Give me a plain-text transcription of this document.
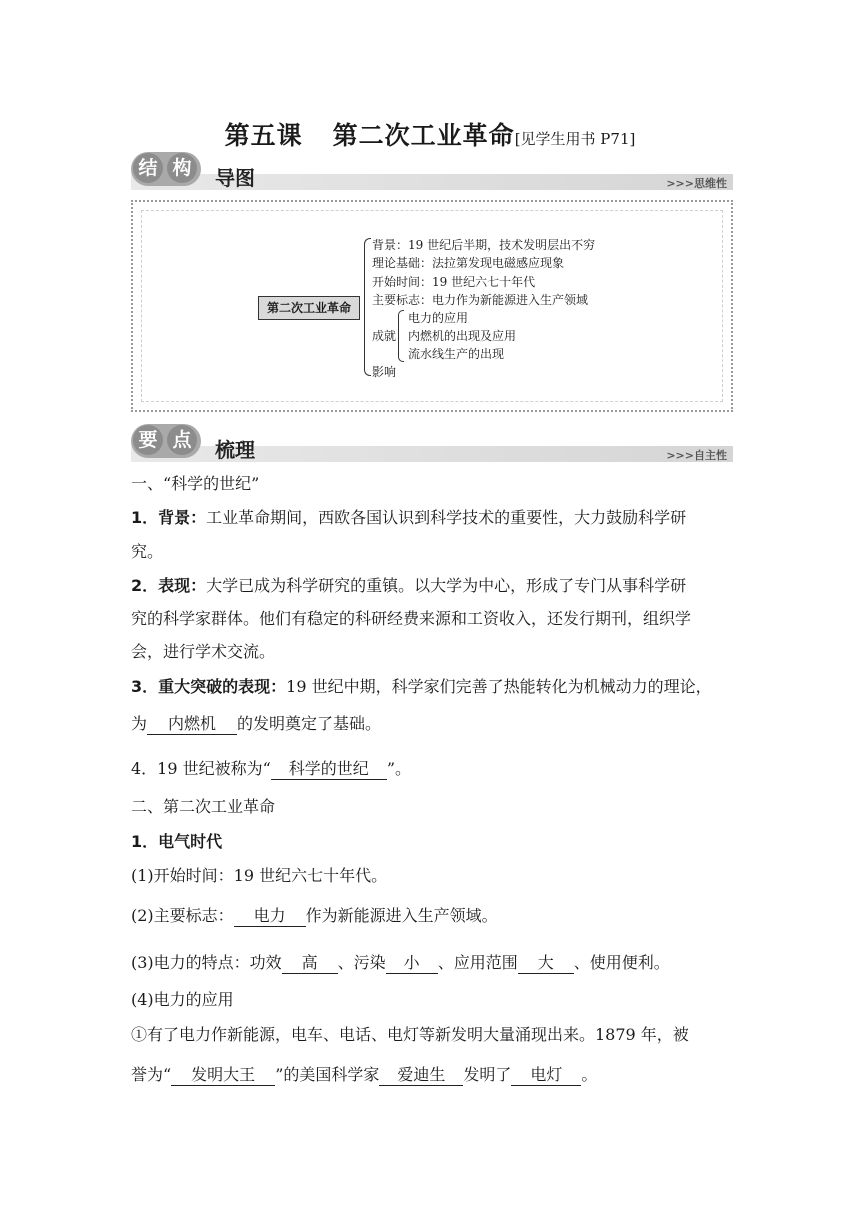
第五课 第二次工业革命[见学生用书 P71]
结 构 导图	>>>思维性
第二次工业革命
背景：19 世纪后半期，技术发明层出不穷
理论基础：法拉第发现电磁感应现象
开始时间：19 世纪六七十年代
主要标志：电力作为新能源进入生产领域
成就
影响
电力的应用
内燃机的出现及应用
流水线生产的出现
要 点 梳理	>>>自主性
一、“科学的世纪”
1．背景：工业革命期间，西欧各国认识到科学技术的重要性，大力鼓励科学研
究。
2．表现：大学已成为科学研究的重镇。以大学为中心，形成了专门从事科学研
究的科学家群体。他们有稳定的科研经费来源和工资收入，还发行期刊，组织学
会，进行学术交流。
3．重大突破的表现：19 世纪中期，科学家们完善了热能转化为机械动力的理论，
为 内燃机 的发明奠定了基础。
4．19 世纪被称为“ 科学的世纪 ”。
二、第二次工业革命
1．电气时代
(1)开始时间：19 世纪六七十年代。
(2)主要标志： 电力 作为新能源进入生产领域。
(3)电力的特点：功效 高 、污染 小 、应用范围 大 、使用便利。
(4)电力的应用
①有了电力作新能源，电车、电话、电灯等新发明大量涌现出来。1879 年，被
誉为“ 发明大王 ”的美国科学家 爱迪生 发明了 电灯 。
